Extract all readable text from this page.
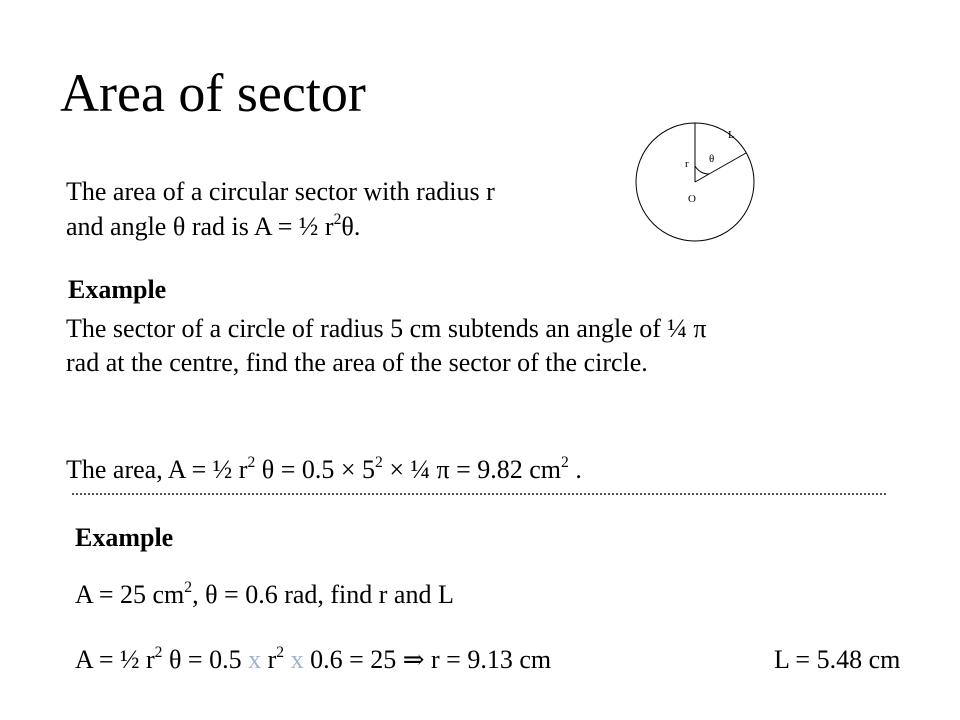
Area of sector
O
r θ
L
The area of a circular sector with radius r
and angle θ rad is A = ½ $r^2\theta$.
Example
The sector of a circle of radius 5 cm subtends an angle of ¼ π
rad at the centre, find the area of the sector of the circle.
The area, A = ½ $r^2$ $\theta = 0.5 \times 5^2$ × ¼ π = 9.82 $cm^2$ .
Example
A = 25 $cm^2$, θ = 0.6 rad, find r and L
A = ½ $r^2$ θ = 0.5 x $r^2$ x 0.6 = 25 ⇒ r = 9.13 cm	L = 5.48 cm
